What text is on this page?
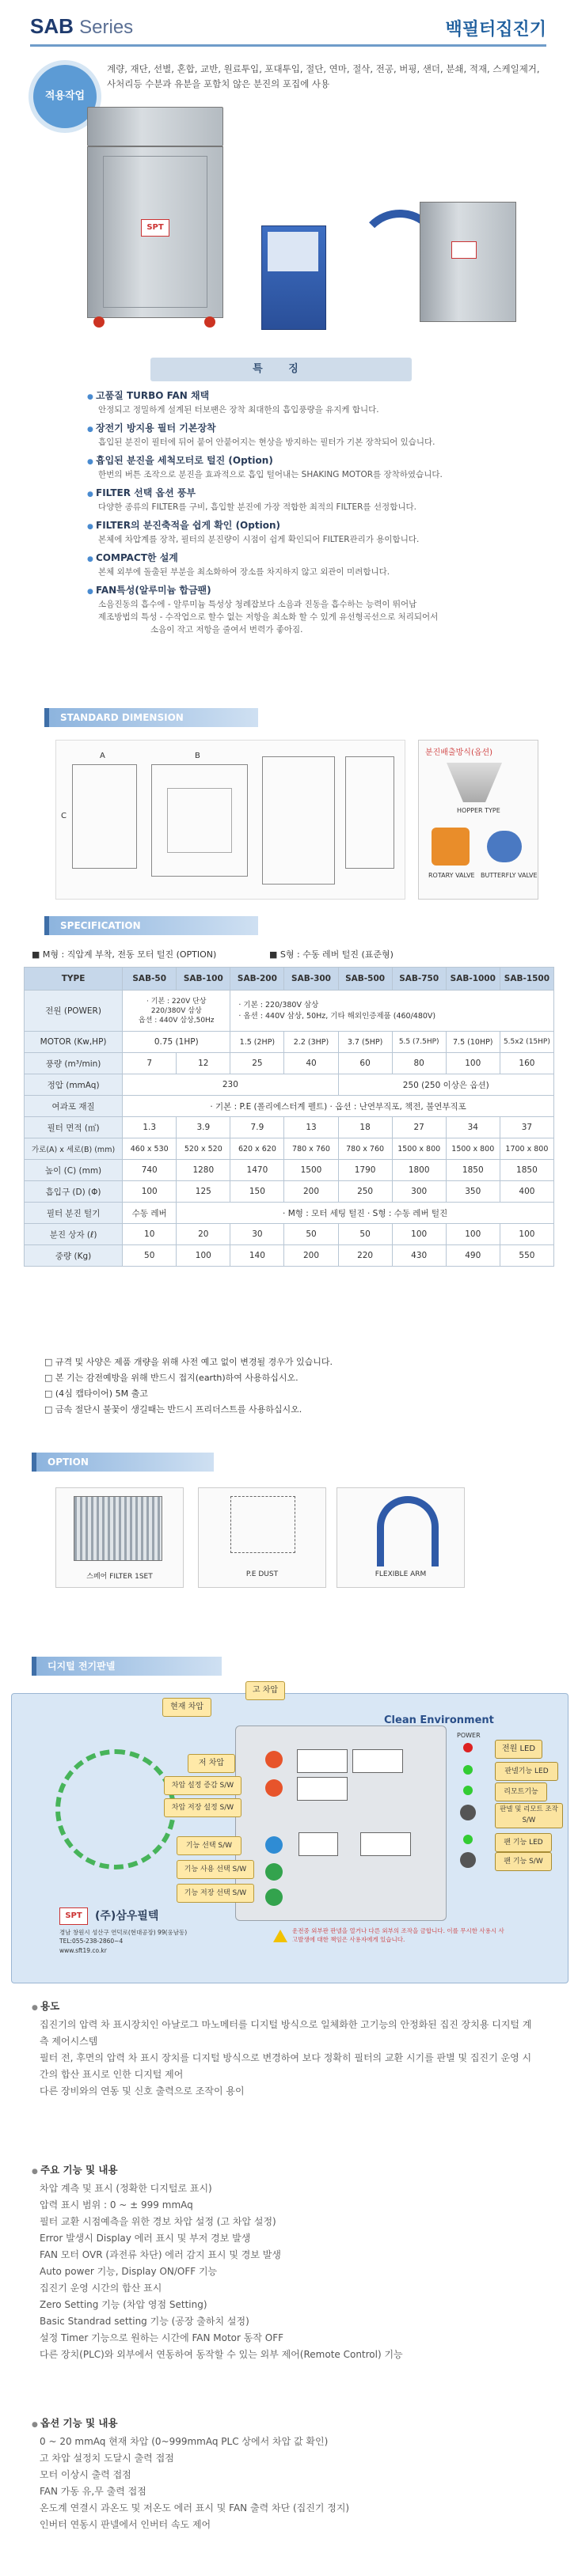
SAB Series	백필터집진기
적용작업
계량, 재단, 선별, 혼합, 교반, 원료투입, 포대투입, 절단, 연마, 절삭, 전공, 버핑, 샌더, 분쇄, 적재, 스케일제거, 사처리등 수분과 유분을 포함치 않은 분진의 포집에 사용
SPT
특 징
● 고품질 TURBO FAN 채택
안정되고 정밀하게 설계된 터보팬은 장착 최대한의 흡입풍량을 유지케 합니다.
● 장전기 방지용 필터 기본장착
흡입된 분진이 필터에 뒤어 붙어 안붙어지는 현상을 방지하는 필터가 기본 장착되어 있습니다.
● 흡입된 분진을 세척모터로 털진 (Option)
한번의 버튼 조작으로 분진을 효과적으로 흡입 털어내는 SHAKING MOTOR를 장착하였습니다.
● FILTER 선택 옵션 풍부
다양한 종류의 FILTER를 구비, 흡입할 분진에 가장 적합한 최적의 FILTER를 선정합니다.
● FILTER의 분진축적을 쉽게 확인 (Option)
본체에 차압계를 장착, 필터의 분진량이 시점이 쉽게 확인되어 FILTER관리가 용이합니다.
● COMPACT한 설계
본체 외부에 돌출된 부분을 최소화하여 장소를 차지하지 않고 외관이 미려합니다.
● FAN특성(알루미늄 합금팬)
소음진동의 흡수에 - 알루미늄 특성상 청례잡보다 소음과 진동을 흡수하는 능력이 뛰어남
제조방법의 특성 - 수작업으로 할수 없는 저항을 최소화 할 수 있게 유선형곡선으로 처리되어서
소음이 작고 저항을 줄여서 번력가 좋아짐.
STANDARD DIMENSION
A	B
C
분진배출방식(옵션)
HOPPER TYPE
ROTARY VALVE BUTTERFLY VALVE
SPECIFICATION
■ M형 : 직압계 부착, 전동 모터 털진 (OPTION)	■ S형 : 수동 레버 털진 (표준형)
TYPE	SAB-50	SAB-100	SAB-200	SAB-300	SAB-500	SAB-750	SAB-1000	SAB-1500
전원 (POWER)	· 기본 : 220V 단상
220/380V 삼상
옵션 : 440V 삼상,50Hz		· 기본 : 220/380V 삼상
· 옵션 : 440V 삼상, 50Hz, 기타 해외인증제품 (460/480V)					
MOTOR (Kw,HP)	0.75 (1HP)		1.5 (2HP)	2.2 (3HP)	3.7 (5HP)	5.5 (7.5HP)	7.5 (10HP)	5.5x2 (15HP)
풍량 (m³/min)	7	12	25	40	60	80	100	160
정압 (mmAq)	230				250 (250 이상은 옵션)			
여과포 재질	· 기본 : P.E (폴리에스터계 펠트) · 옵션 : 난연부직포, 책전, 불연부직포							
필터 면적 (㎡)	1.3	3.9	7.9	13	18	27	34	37
가로(A) x 세로(B) (mm)	460 x 530	520 x 520	620 x 620	780 x 760	780 x 760	1500 x 800	1500 x 800	1700 x 800
높이 (C) (mm)	740	1280	1470	1500	1790	1800	1850	1850
흡입구 (D) (Φ)	100	125	150	200	250	300	350	400
필터 분진 털기	수동 레버	· M형 : 모터 세팅 털진 · S형 : 수동 레버 털진						
분진 상자 (ℓ)	10	20	30	50	50	100	100	100
중량 (Kg)	50	100	140	200	220	430	490	550
□ 규격 및 사양은 제품 개량을 위해 사전 예고 없이 변경될 경우가 있습니다.
□ 본 기는 감전예방을 위해 반드시 접지(earth)하여 사용하십시오.
□ (4심 캡타이어) 5M 출고
□ 금속 절단시 불꽃이 생길때는 반드시 프리더스트를 사용하십시오.
OPTION
스페어 FILTER 1SET	P.E DUST	FLEXIBLE ARM
디지털 전기판넬
SPT	(주)삼우필텍
경남 창원시 성산구 연덕로(현대공장) 99(웅남동)
TEL:055-238-2860~4
www.sft19.co.kr
Clean Environment
POWER
현재 차압
고 차압
저 차압
차압 설정 증감 S/W
차압 저장 설정 S/W
기능 선택 S/W
기능 사용 선택 S/W
기능 저장 선택 S/W
전원 LED
판넬기능 LED
리모트기능
판넬 및 리모트 조작 S/W
팬 기능 LED
팬 기능 S/W
운전중 외부판 판넬을 열거나 다른 외부의 조작을 금합니다. 이를 무시한 사용시 사고발생에 대한 책임은 사용자에게 있습니다.
● 용도
집진기의 압력 차 표시장치인 아날로그 마노메터를 디지털 방식으로 일체화한 고기능의 안정화된 집진 장치용 디지털 계측 제어시스템
필터 전, 후면의 압력 차 표시 장치를 디지털 방식으로 변경하여 보다 정확히 필터의 교환 시기를 판별 및 집진기 운영 시간의 합산 표시로 인한 디지털 제어
다른 장비와의 연동 및 신호 출력으로 조작이 용이
● 주요 기능 및 내용
차압 계측 및 표시 (정확한 디지털로 표시)
압력 표시 범위 : 0 ~ ± 999 mmAq
필터 교환 시점예측을 위한 경보 차압 설정 (고 차압 설정)
Error 발생시 Display 에러 표시 및 부저 경보 발생
FAN 모터 OVR (과전류 차단) 에러 감지 표시 및 경보 발생
Auto power 기능, Display ON/OFF 기능
집진기 운영 시간의 합산 표시
Zero Setting 기능 (차압 영점 Setting)
Basic Standrad setting 기능 (공장 출하치 설정)
설정 Timer 기능으로 원하는 시간에 FAN Motor 동작 OFF
다른 장치(PLC)와 외부에서 연동하여 동작할 수 있는 외부 제어(Remote Control) 기능
● 옵션 기능 및 내용
0 ~ 20 mmAq 현재 차압 (0~999mmAq PLC 상에서 차압 값 확인)
고 차압 설정치 도달시 출력 접점
모터 이상시 출력 접점
FAN 가동 유,무 출력 접점
온도계 연결시 과온도 및 저온도 에러 표시 및 FAN 출력 차단 (집진기 정지)
인버터 연동시 판넬에서 인버터 속도 제어
